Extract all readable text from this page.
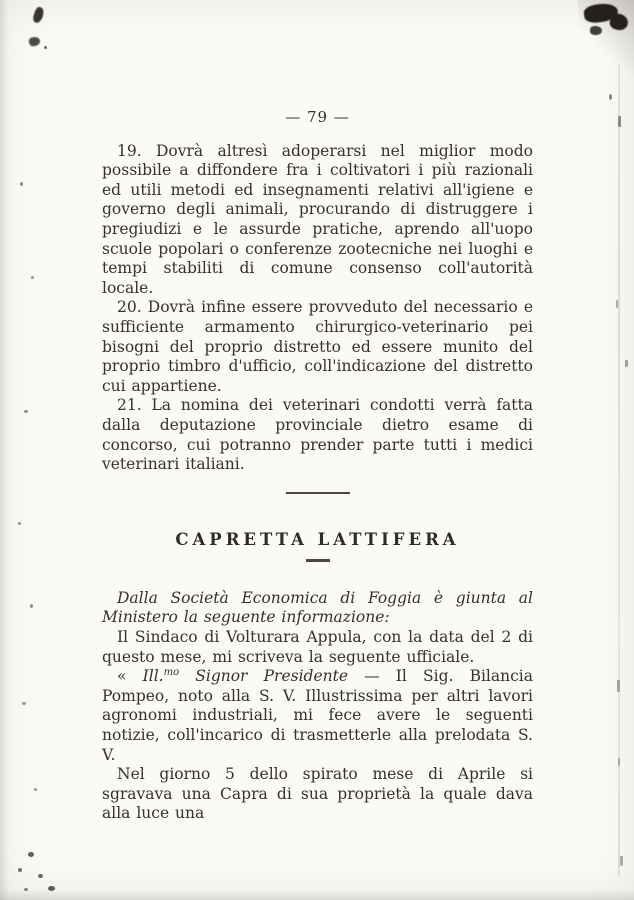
— 79 —

19. Dovrà altresì adoperarsi nel miglior modo possibile a diffondere fra i coltivatori i più razionali ed utili metodi ed insegnamenti relativi all'igiene e governo degli animali, procurando di distruggere i pregiudizi e le assurde pratiche, aprendo all'uopo scuole popolari o conferenze zootecniche nei luoghi e tempi stabiliti di comune consenso coll'autorità locale.

20. Dovrà infine essere provveduto del necessario e sufficiente armamento chirurgico-veterinario pei bisogni del proprio distretto ed essere munito del proprio timbro d'ufficio, coll'indicazione del distretto cui appartiene.

21. La nomina dei veterinari condotti verrà fatta dalla deputazione provinciale dietro esame di concorso, cui potranno prender parte tutti i medici veterinari italiani.

CAPRETTA LATTIFERA

Dalla Società Economica di Foggia è giunta al Ministero la seguente informazione:

Il Sindaco di Volturara Appula, con la data del 2 di questo mese, mi scriveva la seguente ufficiale.

« Ill.$^{mo}$ Signor Presidente — Il Sig. Bilancia Pompeo, noto alla S. V. Illustrissima per altri lavori agronomi industriali, mi fece avere le seguenti notizie, coll'incarico di trasmetterle alla prelodata S. V.

Nel giorno 5 dello spirato mese di Aprile si sgravava una Capra di sua proprietà la quale dava alla luce una
